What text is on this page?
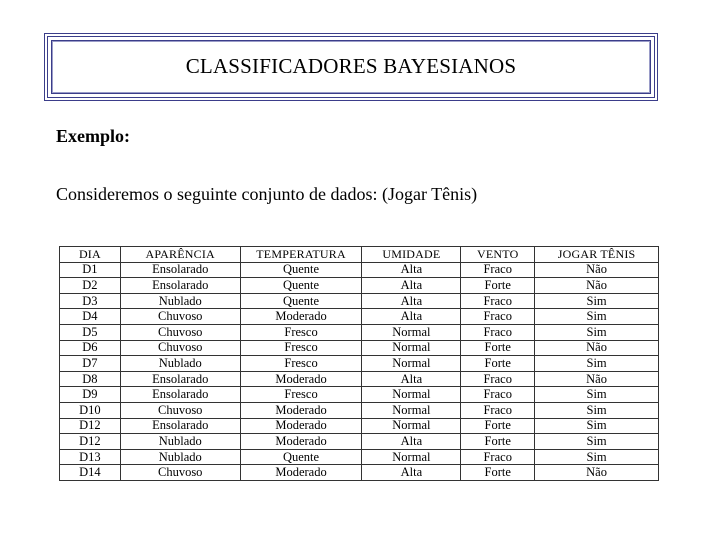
CLASSIFICADORES BAYESIANOS
Exemplo:
Consideremos o seguinte conjunto de dados: (Jogar Tênis)
DIA	APARÊNCIA	TEMPERATURA	UMIDADE	VENTO	JOGAR TÊNIS
D1	Ensolarado	Quente	Alta	Fraco	Não
D2	Ensolarado	Quente	Alta	Forte	Não
D3	Nublado	Quente	Alta	Fraco	Sim
D4	Chuvoso	Moderado	Alta	Fraco	Sim
D5	Chuvoso	Fresco	Normal	Fraco	Sim
D6	Chuvoso	Fresco	Normal	Forte	Não
D7	Nublado	Fresco	Normal	Forte	Sim
D8	Ensolarado	Moderado	Alta	Fraco	Não
D9	Ensolarado	Fresco	Normal	Fraco	Sim
D10	Chuvoso	Moderado	Normal	Fraco	Sim
D12	Ensolarado	Moderado	Normal	Forte	Sim
D12	Nublado	Moderado	Alta	Forte	Sim
D13	Nublado	Quente	Normal	Fraco	Sim
D14	Chuvoso	Moderado	Alta	Forte	Não
